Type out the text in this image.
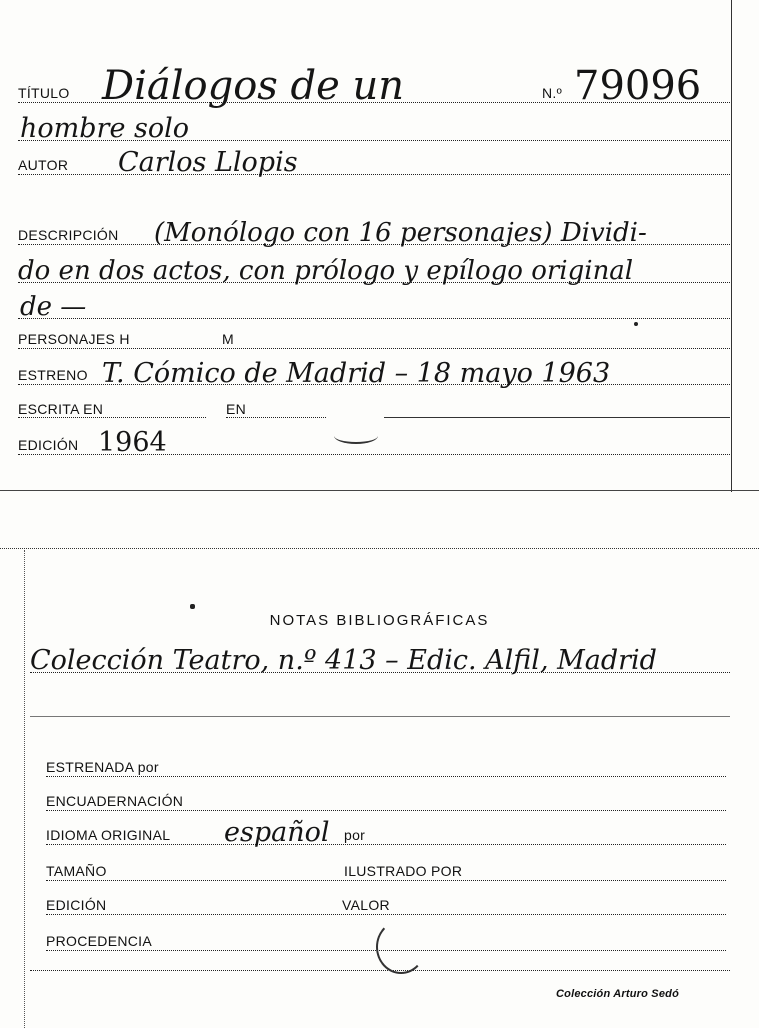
TÍTULO Diálogos de un	N.º 79096
hombre solo
AUTOR Carlos Llopis
DESCRIPCIÓN (Monólogo con 16 personajes) Dividi-
do en dos actos, con prólogo y epílogo original
de —
PERSONAJES H	M
ESTRENO T. Cómico de Madrid – 18 mayo 1963
ESCRITA EN	EN
EDICIÓN 1964
NOTAS BIBLIOGRÁFICAS
Colección Teatro, n.º 413 – Edic. Alfil, Madrid
ESTRENADA por
ENCUADERNACIÓN
IDIOMA ORIGINAL español por
TAMAÑO	ILUSTRADO POR
EDICIÓN	VALOR
PROCEDENCIA
Colección Arturo Sedó
